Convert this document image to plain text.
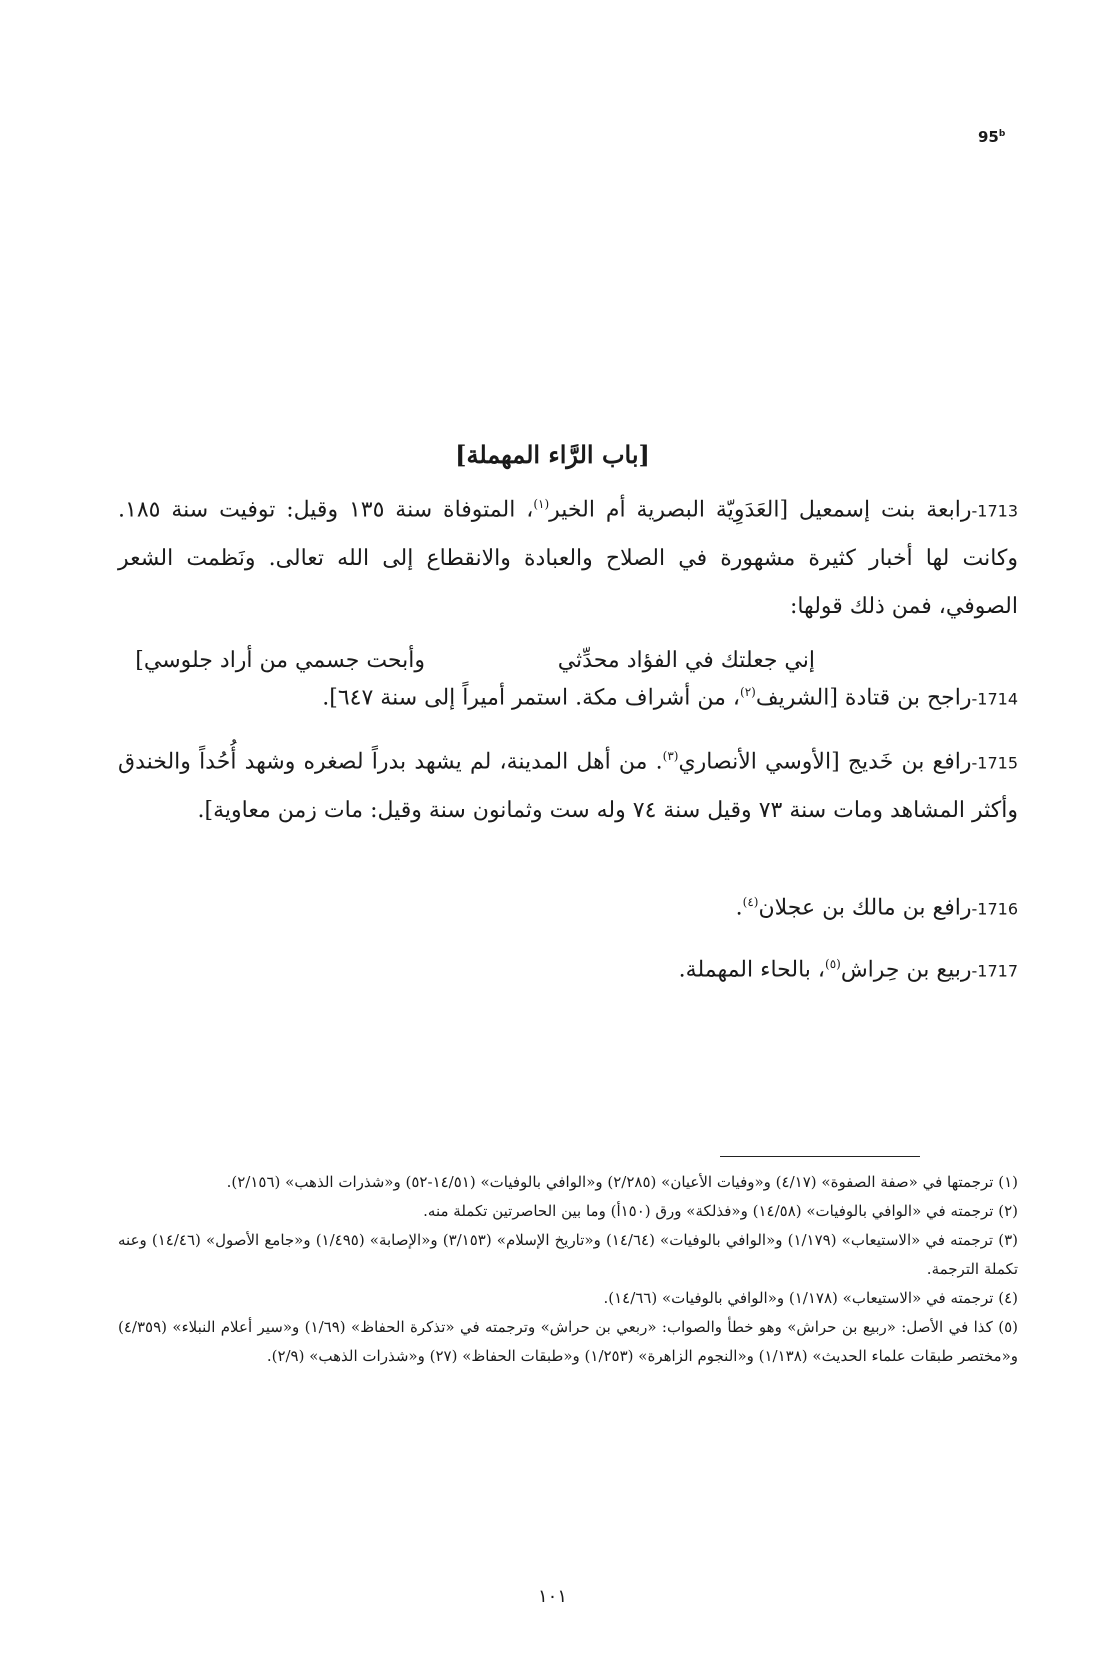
95$^b$
[باب الرَّاء المهملة]
1713-رابعة بنت إسمعيل [العَدَوِيّة البصرية أم الخير$^{(١)}$، المتوفاة سنة ١٣٥ وقيل: توفيت سنة ١٨٥. وكانت لها أخبار كثيرة مشهورة في الصلاح والعبادة والانقطاع إلى الله تعالى. ونَظمت الشعر الصوفي، فمن ذلك قولها:
إني جعلتك في الفؤاد محدِّثي
وأبحت جسمي من أراد جلوسي]
1714-راجح بن قتادة [الشريف$^{(٢)}$، من أشراف مكة. استمر أميراً إلى سنة ٦٤٧].
1715-رافع بن خَديج [الأوسي الأنصاري$^{(٣)}$. من أهل المدينة، لم يشهد بدراً لصغره وشهد أُحُداً والخندق وأكثر المشاهد ومات سنة ٧٣ وقيل سنة ٧٤ وله ست وثمانون سنة وقيل: مات زمن معاوية].
1716-رافع بن مالك بن عجلان$^{(٤)}$.
1717-ربيع بن حِراش$^{(٥)}$، بالحاء المهملة.
(١) ترجمتها في «صفة الصفوة» (٤/١٧) و«وفيات الأعيان» (٢/٢٨٥) و«الوافي بالوفيات» (١٤/٥١-٥٢) و«شذرات الذهب» (٢/١٥٦).
(٢) ترجمته في «الوافي بالوفيات» (١٤/٥٨) و«فذلكة» ورق (١٥٠أ) وما بين الحاصرتين تكملة منه.
(٣) ترجمته في «الاستيعاب» (١/١٧٩) و«الوافي بالوفيات» (١٤/٦٤) و«تاريخ الإسلام» (٣/١٥٣) و«الإصابة» (١/٤٩٥) و«جامع الأصول» (١٤/٤٦) وعنه تكملة الترجمة.
(٤) ترجمته في «الاستيعاب» (١/١٧٨) و«الوافي بالوفيات» (١٤/٦٦).
(٥) كذا في الأصل: «ربيع بن حراش» وهو خطأ والصواب: «ربعي بن حراش» وترجمته في «تذكرة الحفاظ» (١/٦٩) و«سير أعلام النبلاء» (٤/٣٥٩) و«مختصر طبقات علماء الحديث» (١/١٣٨) و«النجوم الزاهرة» (١/٢٥٣) و«طبقات الحفاظ» (٢٧) و«شذرات الذهب» (٢/٩).
١٠١
